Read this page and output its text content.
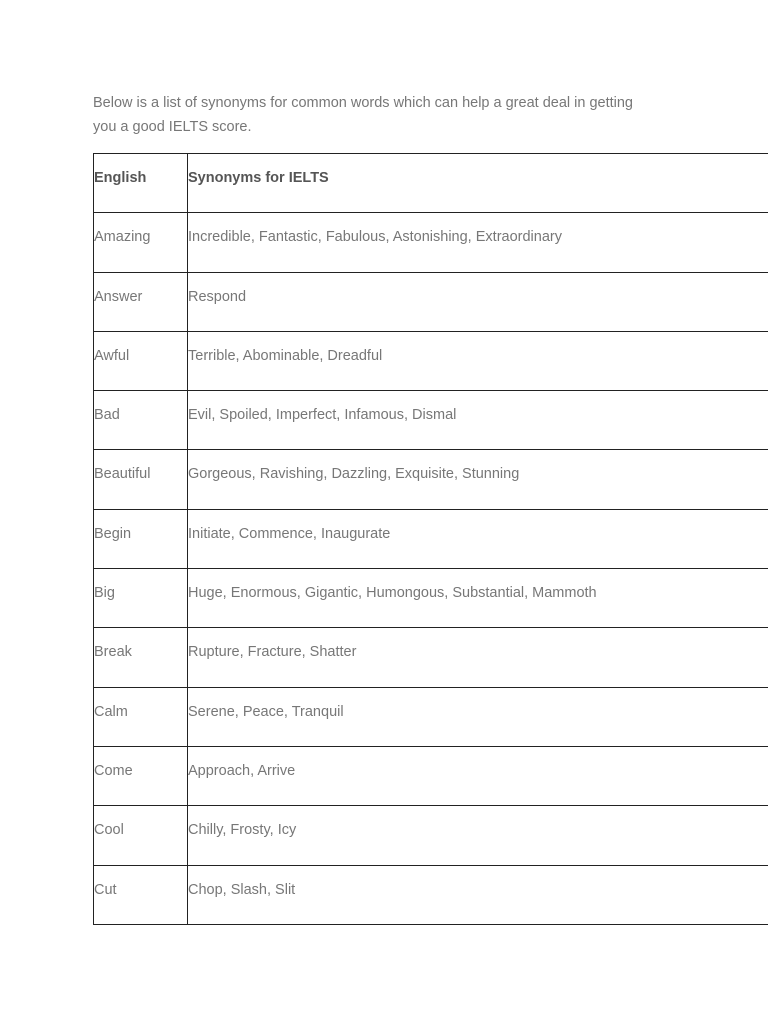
Below is a list of synonyms for common words which can help a great deal in getting
you a good IELTS score.

English	Synonyms for IELTS

Amazing	Incredible, Fantastic, Fabulous, Astonishing, Extraordinary

Answer	Respond

Awful	Terrible, Abominable, Dreadful

Bad	Evil, Spoiled, Imperfect, Infamous, Dismal

Beautiful	Gorgeous, Ravishing, Dazzling, Exquisite, Stunning

Begin	Initiate, Commence, Inaugurate

Big	Huge, Enormous, Gigantic, Humongous, Substantial, Mammoth

Break	Rupture, Fracture, Shatter

Calm	Serene, Peace, Tranquil

Come	Approach, Arrive

Cool	Chilly, Frosty, Icy

Cut	Chop, Slash, Slit
